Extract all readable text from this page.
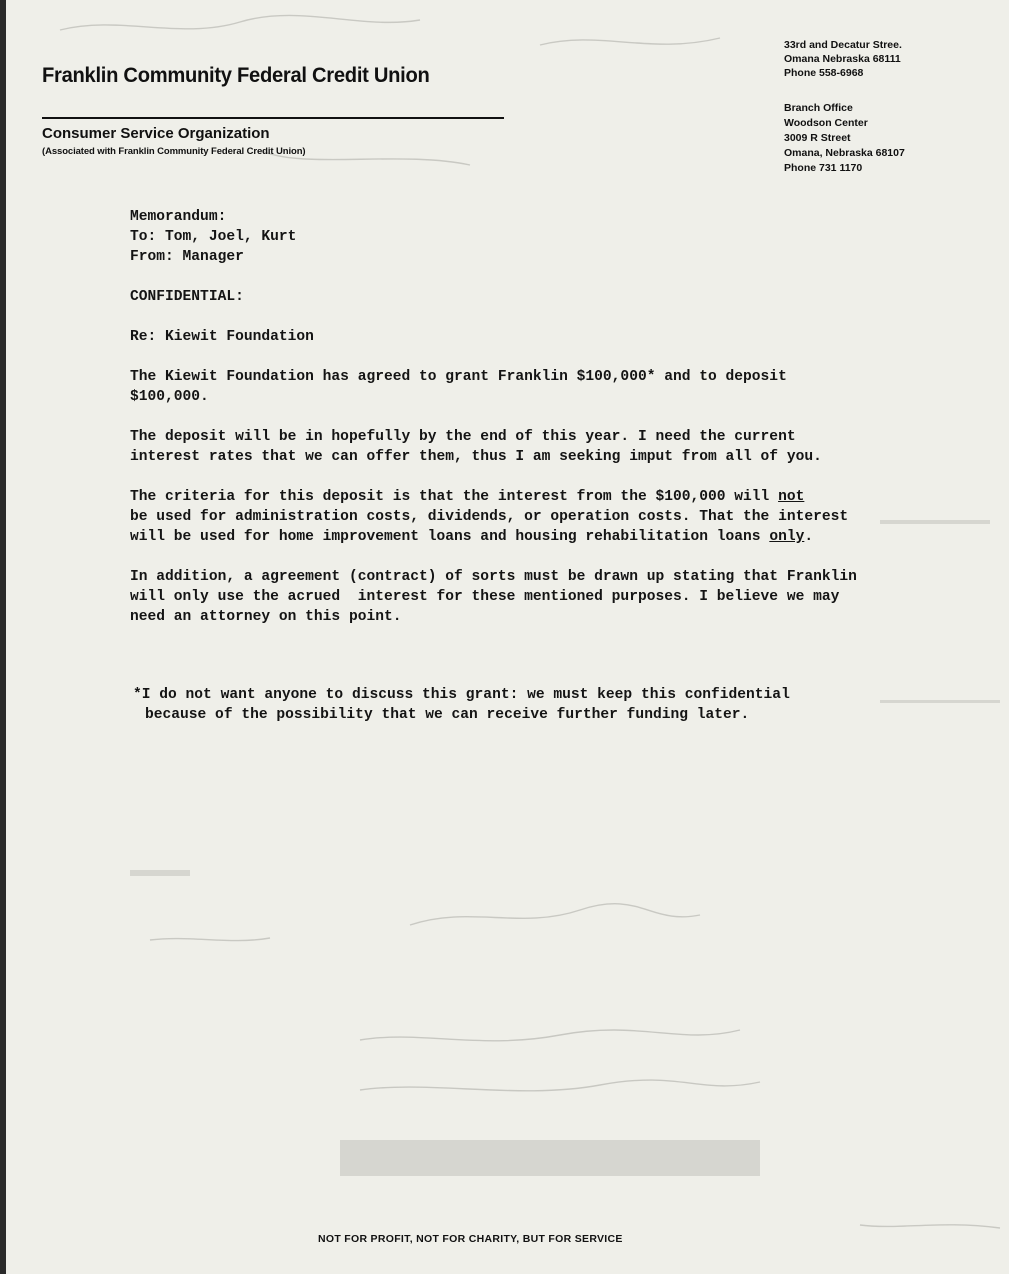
Franklin Community Federal Credit Union
Consumer Service Organization
(Associated with Franklin Community Federal Credit Union)
33rd and Decatur Stree.
Omana Nebraska 68111
Phone 558-6968
Branch Office
Woodson Center
3009 R Street
Omana, Nebraska 68107
Phone 731 1170
Memorandum:
To: Tom, Joel, Kurt
From: Manager
CONFIDENTIAL:
Re: Kiewit Foundation
The Kiewit Foundation has agreed to grant Franklin $100,000* and to deposit
$100,000.
The deposit will be in hopefully by the end of this year. I need the current
interest rates that we can offer them, thus I am seeking imput from all of you.
The criteria for this deposit is that the interest from the $100,000 will not
be used for administration costs, dividends, or operation costs. That the interest
will be used for home improvement loans and housing rehabilitation loans only.
In addition, a agreement (contract) of sorts must be drawn up stating that Franklin
will only use the acrued  interest for these mentioned purposes. I believe we may
need an attorney on this point.
*I do not want anyone to discuss this grant: we must keep this confidential
because of the possibility that we can receive further funding later.
NOT FOR PROFIT, NOT FOR CHARITY, BUT FOR SERVICE
